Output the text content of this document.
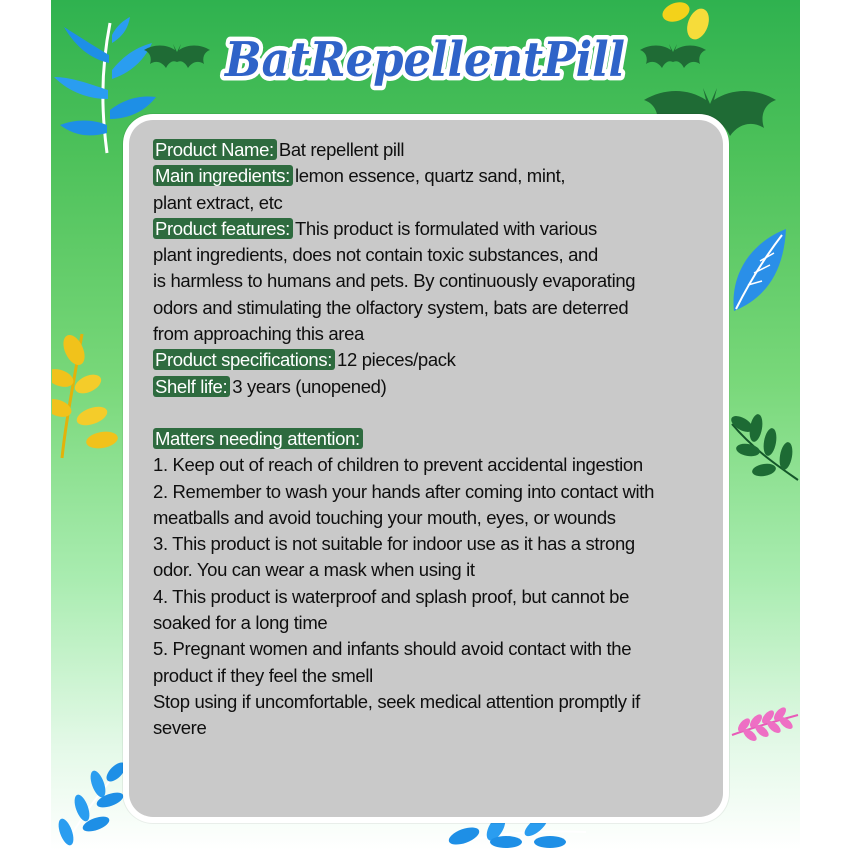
BatRepellentPill
Product Name: Bat repellent pill
Main ingredients: lemon essence, quartz sand, mint,
plant extract, etc
Product features: This product is formulated with various
plant ingredients, does not contain toxic substances, and
is harmless to humans and pets. By continuously evaporating
odors and stimulating the olfactory system, bats are deterred
from approaching this area
Product specifications: 12 pieces/pack
Shelf life: 3 years (unopened)
Matters needing attention:
1. Keep out of reach of children to prevent accidental ingestion
2. Remember to wash your hands after coming into contact with
meatballs and avoid touching your mouth, eyes, or wounds
3. This product is not suitable for indoor use as it has a strong
odor. You can wear a mask when using it
4. This product is waterproof and splash proof, but cannot be
soaked for a long time
5. Pregnant women and infants should avoid contact with the
product if they feel the smell
Stop using if uncomfortable, seek medical attention promptly if
severe
